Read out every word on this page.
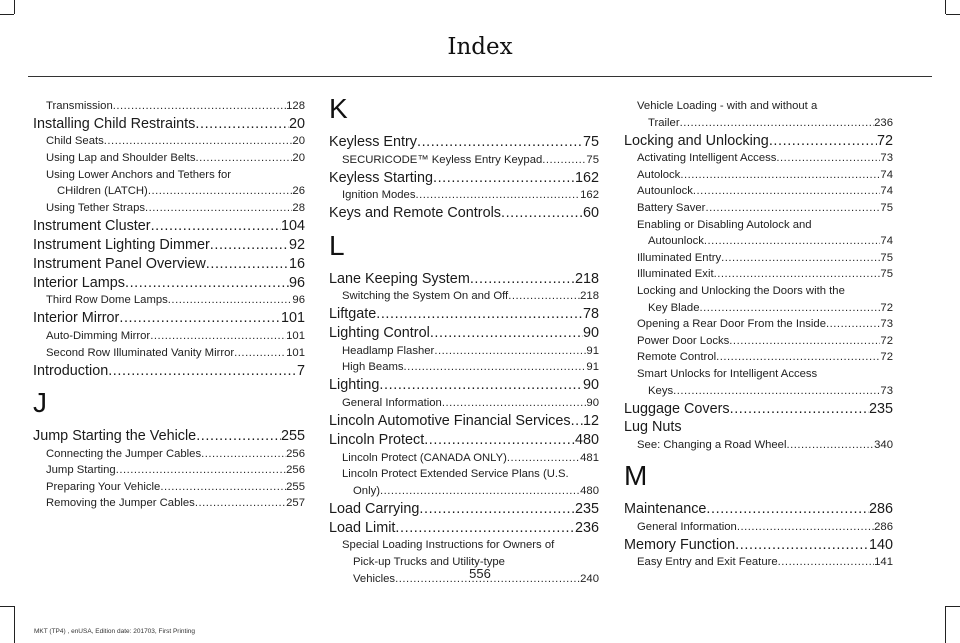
Index
Transmission .....	128
Installing Child Restraints .....	20
Child Seats .....	20
Using Lap and Shoulder Belts .....	20
Using Lower Anchors and Tethers for
CHildren (LATCH) .....	26
Using Tether Straps .....	28
Instrument Cluster .....	104
Instrument Lighting Dimmer .....	92
Instrument Panel Overview .....	16
Interior Lamps .....	96
Third Row Dome Lamps .....	96
Interior Mirror .....	101
Auto-Dimming Mirror .....	101
Second Row Illuminated Vanity Mirror .....	101
Introduction .....	7
J
Jump Starting the Vehicle .....	255
Connecting the Jumper Cables .....	256
Jump Starting .....	256
Preparing Your Vehicle .....	255
Removing the Jumper Cables .....	257
K
Keyless Entry .....	75
SECURICODE™ Keyless Entry Keypad .....	75
Keyless Starting .....	162
Ignition Modes .....	162
Keys and Remote Controls .....	60
L
Lane Keeping System .....	218
Switching the System On and Off .....	218
Liftgate .....	78
Lighting Control .....	90
Headlamp Flasher .....	91
High Beams .....	91
Lighting .....	90
General Information .....	90
Lincoln Automotive Financial Services ..... 12
Lincoln Protect .....	480
Lincoln Protect (CANADA ONLY) .....	481
Lincoln Protect Extended Service Plans (U.S.
Only) .....	480
Load Carrying .....	235
Load Limit .....	236
Special Loading Instructions for Owners of
Pick-up Trucks and Utility-type
Vehicles .....	240
Vehicle Loading - with and without a
Trailer .....	236
Locking and Unlocking .....	72
Activating Intelligent Access .....	73
Autolock .....	74
Autounlock .....	74
Battery Saver .....	75
Enabling or Disabling Autolock and
Autounlock .....	74
Illuminated Entry .....	75
Illuminated Exit .....	75
Locking and Unlocking the Doors with the
Key Blade .....	72
Opening a Rear Door From the Inside .....	73
Power Door Locks .....	72
Remote Control .....	72
Smart Unlocks for Intelligent Access
Keys .....	73
Luggage Covers .....	235
Lug Nuts
See: Changing a Road Wheel .....	340
M
Maintenance .....	286
General Information .....	286
Memory Function .....	140
Easy Entry and Exit Feature .....	141
556
MKT (TP4) , enUSA, Edition date: 201703, First Printing
